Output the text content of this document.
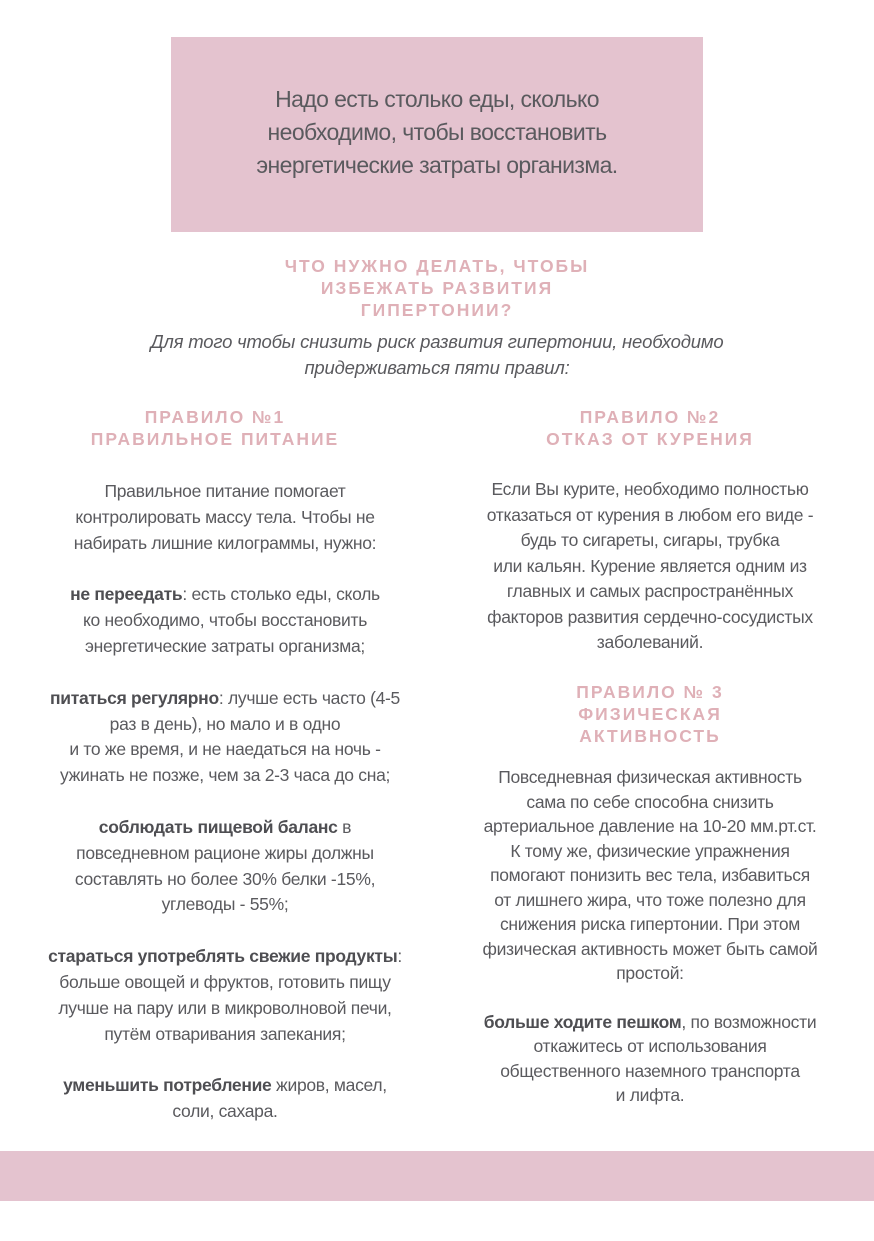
Надо есть столько еды, сколько
необходимо, чтобы восстановить
энергетические затраты организма.
ЧТО НУЖНО ДЕЛАТЬ, ЧТОБЫ
ИЗБЕЖАТЬ РАЗВИТИЯ
ГИПЕРТОНИИ?
Для того чтобы снизить риск развития гипертонии, необходимо
придерживаться пяти правил:
ПРАВИЛО №1
ПРАВИЛЬНОЕ ПИТАНИЕ
Правильное питание помогает
контролировать массу тела. Чтобы не
набирать лишние килограммы, нужно:
не переедать: есть столько еды, сколь
ко необходимо, чтобы восстановить
энергетические затраты организма;
питаться регулярно: лучше есть часто (4-5
раз в день), но мало и в одно
и то же время, и не наедаться на ночь -
ужинать не позже, чем за 2-3 часа до сна;
соблюдать пищевой баланс в
повседневном рационе жиры должны
составлять но более 30% белки -15%,
углеводы - 55%;
стараться употреблять свежие продукты:
больше овощей и фруктов, готовить пищу
лучше на пару или в микроволновой печи,
путём отваривания запекания;
уменьшить потребление жиров, масел,
соли, сахара.
ПРАВИЛО №2
ОТКАЗ ОТ КУРЕНИЯ
Если Вы курите, необходимо полностью
отказаться от курения в любом его виде -
будь то сигареты, сигары, трубка
или кальян. Курение является одним из
главных и самых распространённых
факторов развития сердечно-сосудистых
заболеваний.
ПРАВИЛО № 3
ФИЗИЧЕСКАЯ
АКТИВНОСТЬ
Повседневная физическая активность
сама по себе способна снизить
артериальное давление на 10-20 мм.рт.ст.
К тому же, физические упражнения
помогают понизить вес тела, избавиться
от лишнего жира, что тоже полезно для
снижения риска гипертонии. При этом
физическая активность может быть самой
простой:
больше ходите пешком, по возможности
откажитесь от использования
общественного наземного транспорта
и лифта.
